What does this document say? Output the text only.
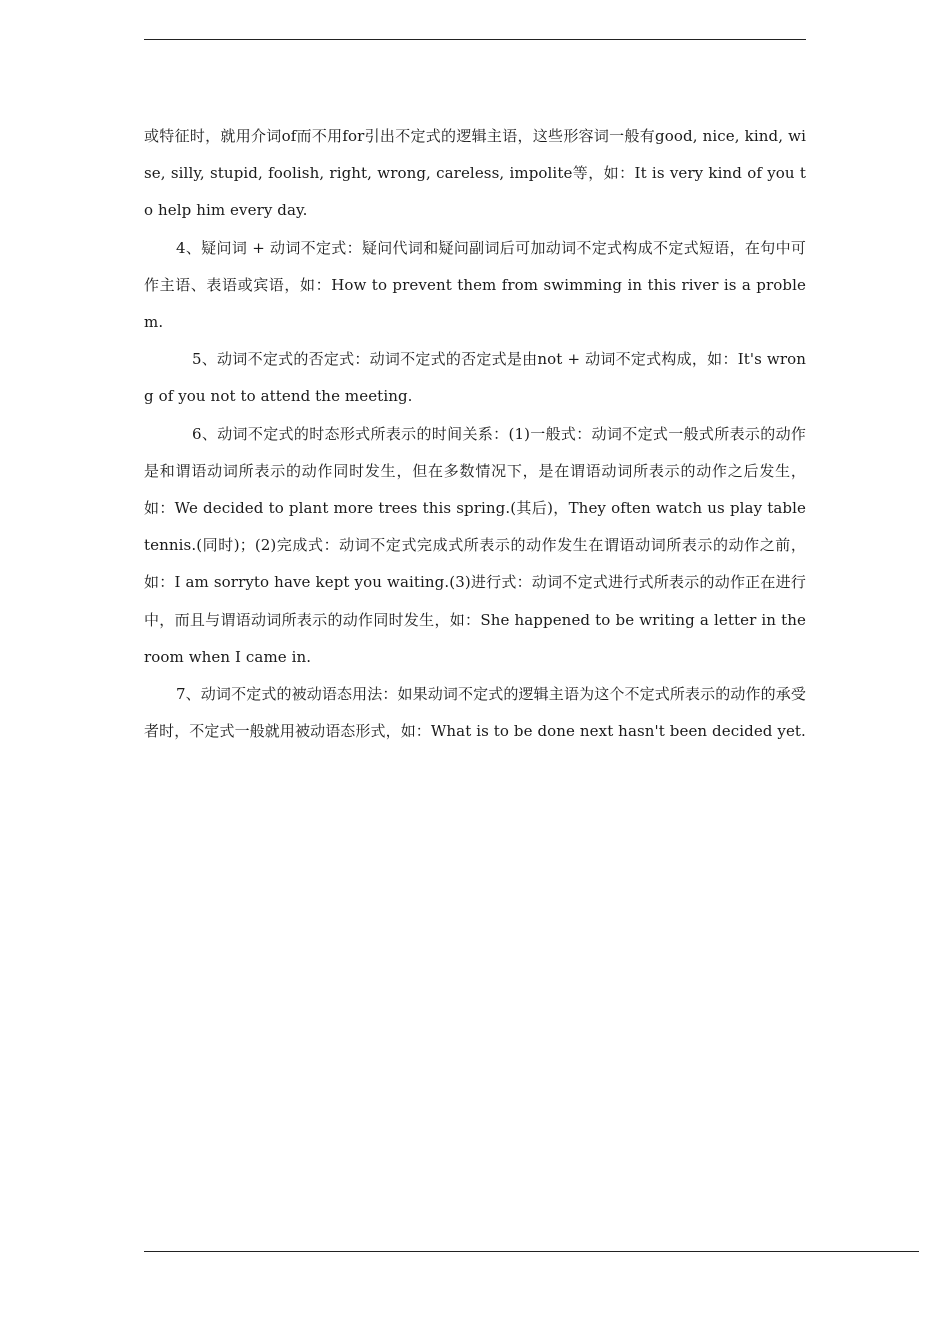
或特征时，就用介词of而不用for引出不定式的逻辑主语，这些形容词一般有good, nice, kind, wise, silly, stupid, foolish, right, wrong, careless, impolite等，如：It is very kind of you to help him every day.

4、疑问词 + 动词不定式：疑问代词和疑问副词后可加动词不定式构成不定式短语，在句中可作主语、表语或宾语，如：How to prevent them from swimming in this river is a problem.

5、动词不定式的否定式：动词不定式的否定式是由not + 动词不定式构成，如：It's wrong of you not to attend the meeting.

6、动词不定式的时态形式所表示的时间关系：(1)一般式：动词不定式一般式所表示的动作是和谓语动词所表示的动作同时发生，但在多数情况下，是在谓语动词所表示的动作之后发生，如：We decided to plant more trees this spring.(其后)，They often watch us play table tennis.(同时)；(2)完成式：动词不定式完成式所表示的动作发生在谓语动词所表示的动作之前，如：I am sorryto have kept you waiting.(3)进行式：动词不定式进行式所表示的动作正在进行中，而且与谓语动词所表示的动作同时发生，如：She happened to be writing a letter in the room when I came in.

7、动词不定式的被动语态用法：如果动词不定式的逻辑主语为这个不定式所表示的动作的承受者时，不定式一般就用被动语态形式，如：What is to be done next hasn't been decided yet.
